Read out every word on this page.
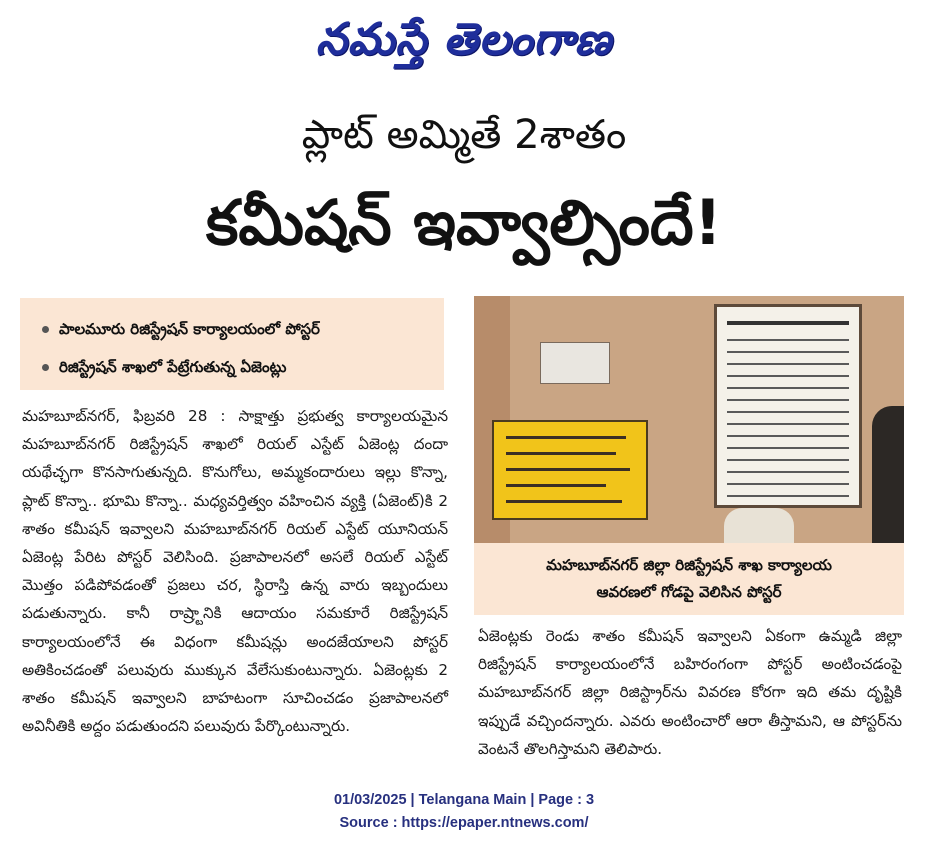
నమస్తే తెలంగాణ
ప్లాట్ అమ్మితే 2శాతం
కమీషన్ ఇవ్వాల్సిందే!
పాలమూరు రిజిస్ట్రేషన్ కార్యాలయంలో పోస్టర్
రిజిస్ట్రేషన్ శాఖలో పేట్రేగుతున్న ఏజెంట్లు
మహబూబ్‌నగర్, ఫిబ్రవరి 28 : సాక్షాత్తు ప్రభుత్వ కార్యాలయమైన మహబూబ్‌నగర్ రిజిస్ట్రేషన్ శాఖలో రియల్ ఎస్టేట్ ఏజెంట్ల దందా యథేచ్ఛగా కొనసాగుతున్నది. కొనుగోలు, అమ్మకందారులు ఇల్లు కొన్నా, ప్లాట్ కొన్నా.. భూమి కొన్నా.. మధ్యవర్తిత్వం వహించిన వ్యక్తి (ఏజెంట్)కి 2 శాతం కమీషన్ ఇవ్వాలని మహబూబ్‌నగర్ రియల్ ఎస్టేట్ యూనియన్ ఏజెంట్ల పేరిట పోస్టర్ వెలిసింది. ప్రజాపాలనలో అసలే రియల్ ఎస్టేట్ మొత్తం పడిపోవడంతో ప్రజలు చర, స్థిరాస్తి ఉన్న వారు ఇబ్బందులు పడుతున్నారు. కానీ రాష్ర్టానికి ఆదాయం సమకూరే రిజిస్ట్రేషన్ కార్యాలయంలోనే ఈ విధంగా కమీషన్లు అందజేయాలని పోస్టర్ అతికించడంతో పలువురు ముక్కున వేలేసుకుంటున్నారు. ఏజెంట్లకు 2 శాతం కమీషన్ ఇవ్వాలని బాహటంగా సూచించడం ప్రజాపాలనలో అవినీతికి అద్దం పడుతుందని పలువురు పేర్కొంటున్నారు.
మహబూబ్‌నగర్ జిల్లా రిజిస్ట్రేషన్ శాఖ కార్యాలయ
ఆవరణలో గోడపై వెలిసిన పోస్టర్
ఏజెంట్లకు రెండు శాతం కమీషన్ ఇవ్వాలని ఏకంగా ఉమ్మడి జిల్లా రిజిస్ట్రేషన్ కార్యాలయంలోనే బహిరంగంగా పోస్టర్ అంటించడంపై మహబూబ్‌నగర్ జిల్లా రిజిస్ట్రార్‌ను వివరణ కోరగా ఇది తమ దృష్టికి ఇప్పుడే వచ్చిందన్నారు. ఎవరు అంటించారో ఆరా తీస్తామని, ఆ పోస్టర్‌ను వెంటనే తొలగిస్తామని తెలిపారు.
01/03/2025 | Telangana Main | Page : 3
Source : https://epaper.ntnews.com/
